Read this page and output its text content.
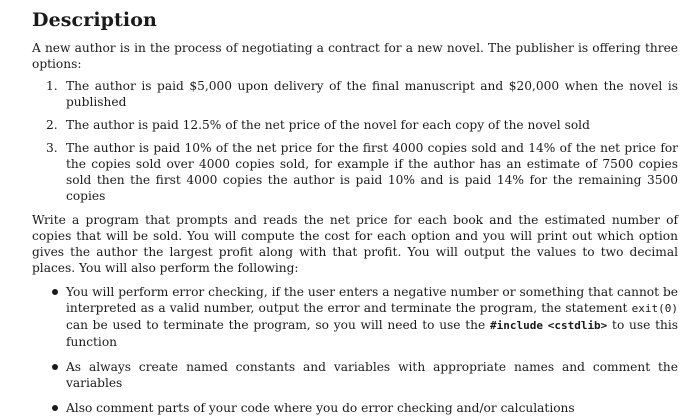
Description

A new author is in the process of negotiating a contract for a new novel. The publisher is offering three options:

1. The author is paid $5,000 upon delivery of the final manuscript and $20,000 when the novel is published
2. The author is paid 12.5% of the net price of the novel for each copy of the novel sold
3. The author is paid 10% of the net price for the first 4000 copies sold and 14% of the net price for the copies sold over 4000 copies sold, for example if the author has an estimate of 7500 copies sold then the first 4000 copies the author is paid 10% and is paid 14% for the remaining 3500 copies

Write a program that prompts and reads the net price for each book and the estimated number of copies that will be sold. You will compute the cost for each option and you will print out which option gives the author the largest profit along with that profit. You will output the values to two decimal places. You will also perform the following:

You will perform error checking, if the user enters a negative number or something that cannot be interpreted as a valid number, output the error and terminate the program, the statement exit(0) can be used to terminate the program, so you will need to use the #include <cstdlib> to use this function
As always create named constants and variables with appropriate names and comment the variables
Also comment parts of your code where you do error checking and/or calculations
